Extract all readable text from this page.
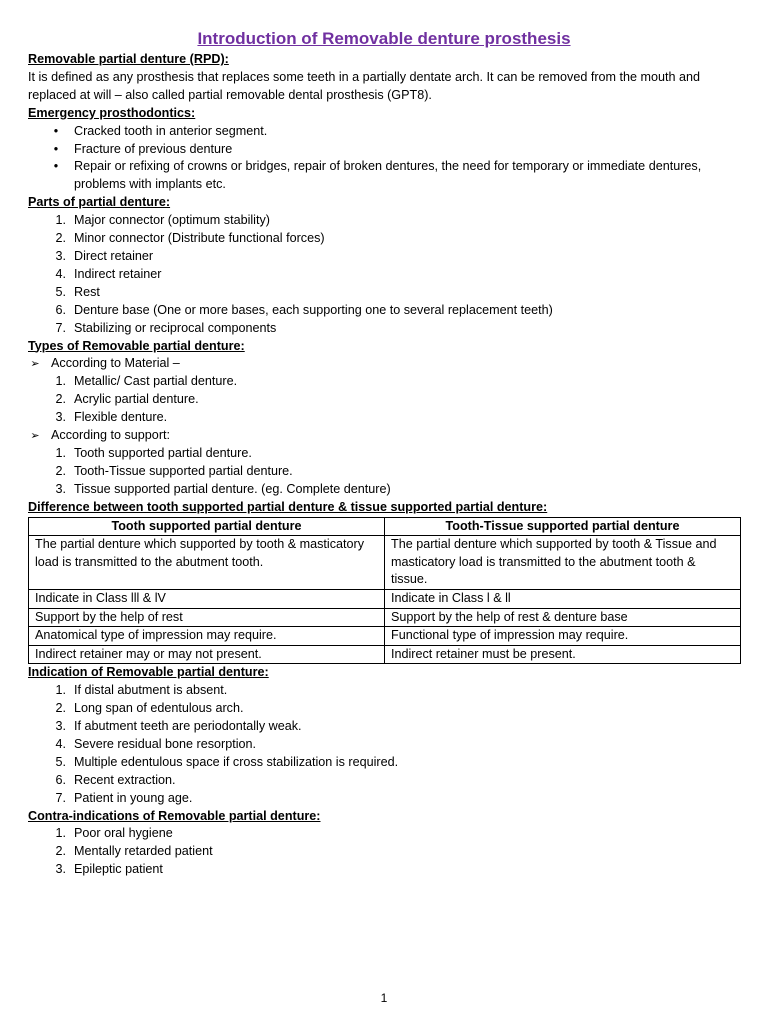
Introduction of Removable denture prosthesis
Removable partial denture (RPD):

It is defined as any prosthesis that replaces some teeth in a partially dentate arch. It can be removed from the mouth and replaced at will – also called partial removable dental prosthesis (GPT8).

Emergency prosthodontics:
•	Cracked tooth in anterior segment.
•	Fracture of previous denture
•	Repair or refixing of crowns or bridges, repair of broken dentures, the need for temporary or immediate dentures, problems with implants etc.
Parts of partial denture:
1. Major connector (optimum stability)
2. Minor connector (Distribute functional forces)
3. Direct retainer
4. Indirect retainer
5. Rest
6. Denture base (One or more bases, each supporting one to several replacement teeth)
7. Stabilizing or reciprocal components
Types of Removable partial denture:
➢ According to Material –
1. Metallic/ Cast partial denture.
2. Acrylic partial denture.
3. Flexible denture.
➢ According to support:
1. Tooth supported partial denture.
2. Tooth-Tissue supported partial denture.
3. Tissue supported partial denture. (eg. Complete denture)
Difference between tooth supported partial denture & tissue supported partial denture:
Tooth supported partial denture	Tooth-Tissue supported partial denture
The partial denture which supported by tooth & masticatory load is transmitted to the abutment tooth.	The partial denture which supported by tooth & Tissue and masticatory load is transmitted to the abutment tooth & tissue.
Indicate in Class lll & lV	Indicate in Class l & ll
Support by the help of rest	Support by the help of rest & denture base
Anatomical type of impression may require.	Functional type of impression may require.
Indirect retainer may or may not present.	Indirect retainer must be present.
Indication of Removable partial denture:
1. If distal abutment is absent.
2. Long span of edentulous arch.
3. If abutment teeth are periodontally weak.
4. Severe residual bone resorption.
5. Multiple edentulous space if cross stabilization is required.
6. Recent extraction.
7. Patient in young age.
Contra-indications of Removable partial denture:
1. Poor oral hygiene
2. Mentally retarded patient
3. Epileptic patient
1
